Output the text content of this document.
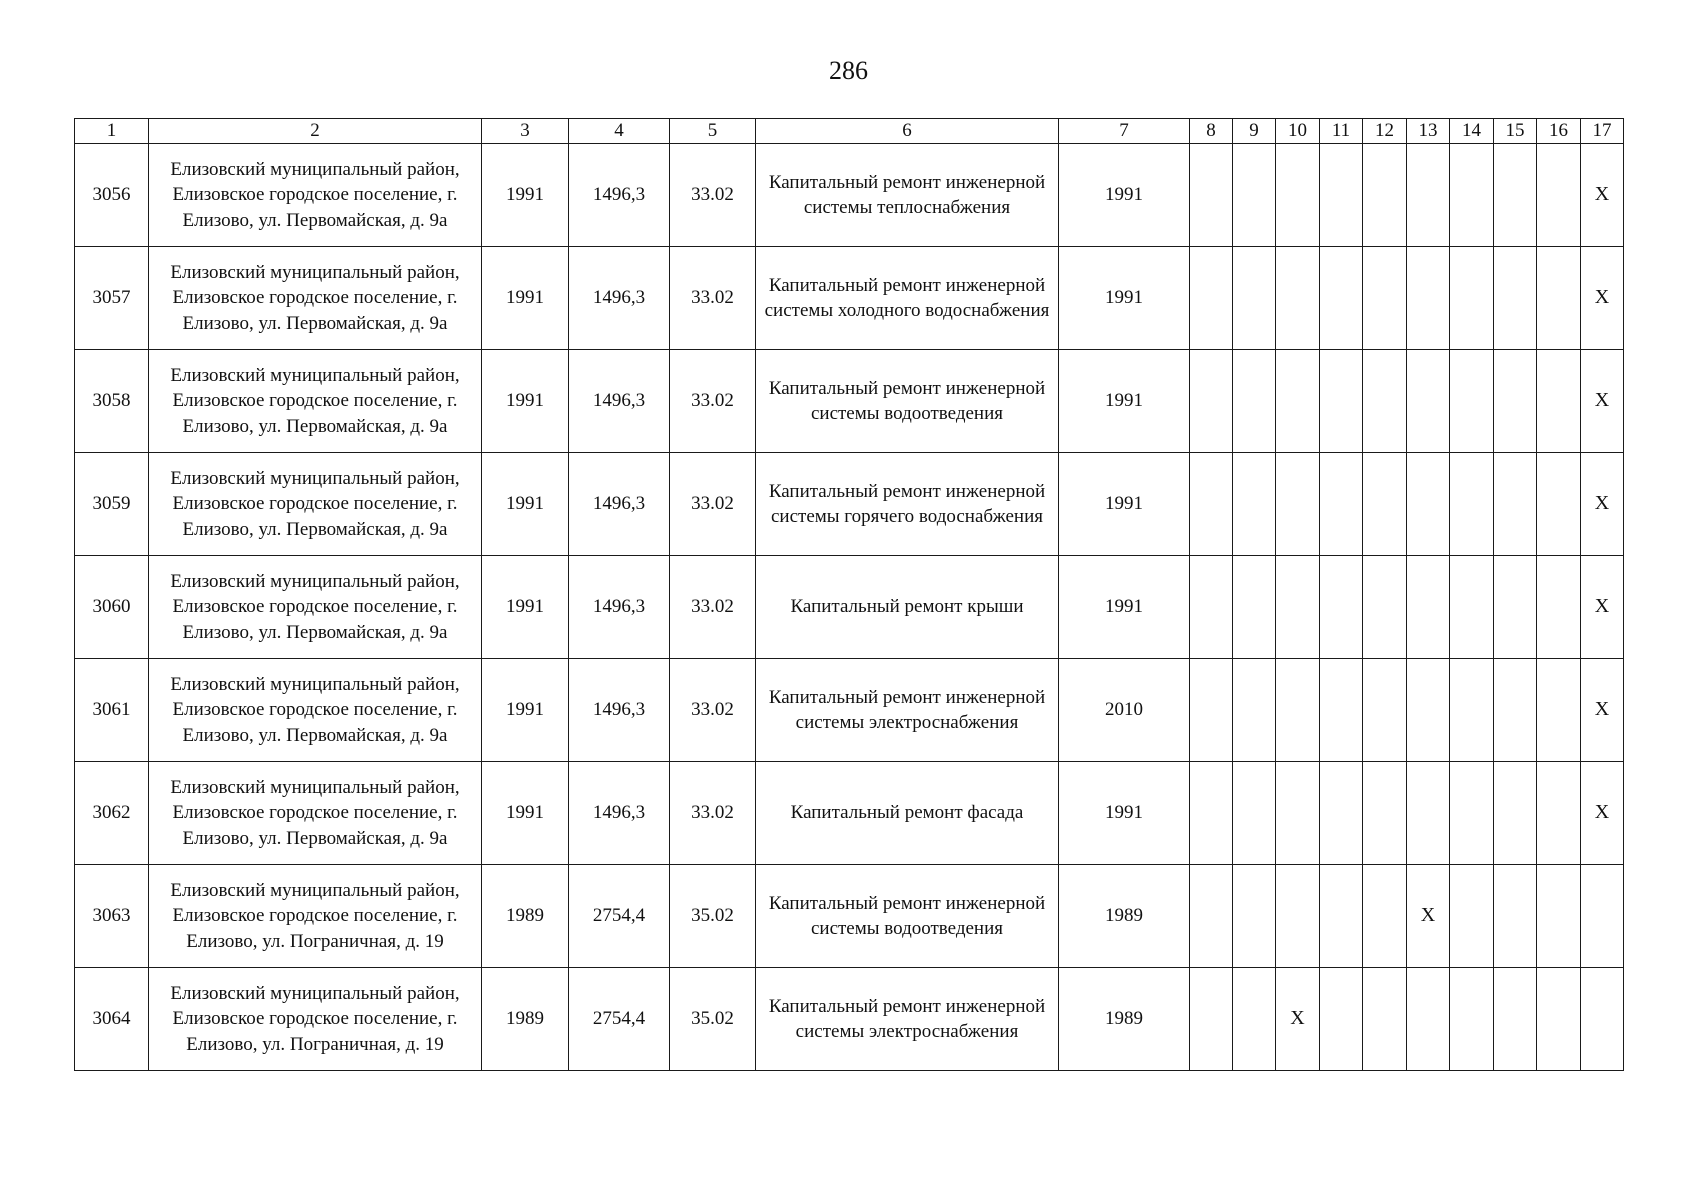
286
1	2	3	4	5	6	7	8	9	10	11	12	13	14	15	16	17

3056	Елизовский муниципальный район, Елизовское городское поселение, г. Елизово, ул. Первомайская, д. 9а	1991	1496,3	33.02	Капитальный ремонт инженерной системы теплоснабжения	1991										X

3057	Елизовский муниципальный район, Елизовское городское поселение, г. Елизово, ул. Первомайская, д. 9а	1991	1496,3	33.02	Капитальный ремонт инженерной системы холодного водоснабжения	1991										X

3058	Елизовский муниципальный район, Елизовское городское поселение, г. Елизово, ул. Первомайская, д. 9а	1991	1496,3	33.02	Капитальный ремонт инженерной системы водоотведения	1991										X

3059	Елизовский муниципальный район, Елизовское городское поселение, г. Елизово, ул. Первомайская, д. 9а	1991	1496,3	33.02	Капитальный ремонт инженерной системы горячего водоснабжения	1991										X

3060	Елизовский муниципальный район, Елизовское городское поселение, г. Елизово, ул. Первомайская, д. 9а	1991	1496,3	33.02	Капитальный ремонт крыши	1991										X

3061	Елизовский муниципальный район, Елизовское городское поселение, г. Елизово, ул. Первомайская, д. 9а	1991	1496,3	33.02	Капитальный ремонт инженерной системы электроснабжения	2010										X

3062	Елизовский муниципальный район, Елизовское городское поселение, г. Елизово, ул. Первомайская, д. 9а	1991	1496,3	33.02	Капитальный ремонт фасада	1991										X

3063	Елизовский муниципальный район, Елизовское городское поселение, г. Елизово, ул. Пограничная, д. 19	1989	2754,4	35.02	Капитальный ремонт инженерной системы водоотведения	1989						X				

3064	Елизовский муниципальный район, Елизовское городское поселение, г. Елизово, ул. Пограничная, д. 19	1989	2754,4	35.02	Капитальный ремонт инженерной системы электроснабжения	1989			X							
